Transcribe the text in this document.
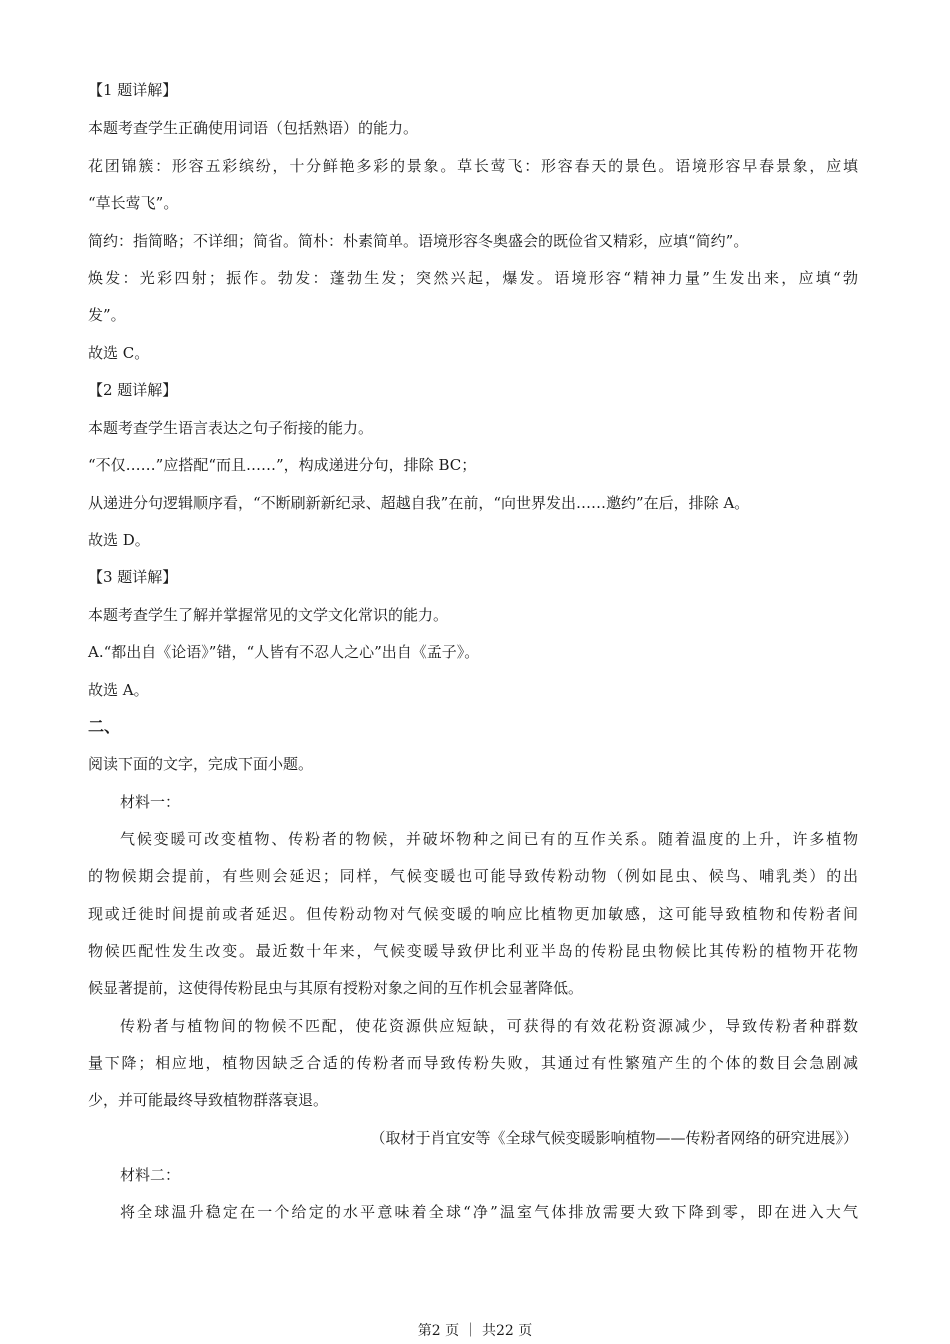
【1 题详解】
本题考查学生正确使用词语（包括熟语）的能力。
花团锦簇：形容五彩缤纷，十分鲜艳多彩的景象。草长莺飞：形容春天的景色。语境形容早春景象，应填
“草长莺飞”。
简约：指简略；不详细；简省。简朴：朴素简单。语境形容冬奥盛会的既俭省又精彩，应填“简约”。
焕发：光彩四射；振作。勃发：蓬勃生发；突然兴起，爆发。语境形容“精神力量”生发出来，应填“勃
发”。
故选 C。
【2 题详解】
本题考查学生语言表达之句子衔接的能力。
“不仅……”应搭配“而且……”，构成递进分句，排除 BC；
从递进分句逻辑顺序看，“不断刷新新纪录、超越自我”在前，“向世界发出……邀约”在后，排除 A。
故选 D。
【3 题详解】
本题考查学生了解并掌握常见的文学文化常识的能力。
A.“都出自《论语》”错，“人皆有不忍人之心”出自《孟子》。
故选 A。
二、
阅读下面的文字，完成下面小题。
材料一：
气候变暖可改变植物、传粉者的物候，并破坏物种之间已有的互作关系。随着温度的上升，许多植物
的物候期会提前，有些则会延迟；同样，气候变暖也可能导致传粉动物（例如昆虫、候鸟、哺乳类）的出
现或迁徙时间提前或者延迟。但传粉动物对气候变暖的响应比植物更加敏感，这可能导致植物和传粉者间
物候匹配性发生改变。最近数十年来，气候变暖导致伊比利亚半岛的传粉昆虫物候比其传粉的植物开花物
候显著提前，这使得传粉昆虫与其原有授粉对象之间的互作机会显著降低。
传粉者与植物间的物候不匹配，使花资源供应短缺，可获得的有效花粉资源减少，导致传粉者种群数
量下降；相应地，植物因缺乏合适的传粉者而导致传粉失败，其通过有性繁殖产生的个体的数目会急剧减
少，并可能最终导致植物群落衰退。
（取材于肖宜安等《全球气候变暖影响植物——传粉者网络的研究进展》）
材料二：
将全球温升稳定在一个给定的水平意味着全球“净”温室气体排放需要大致下降到零，即在进入大气
第2 页 ｜ 共22 页
